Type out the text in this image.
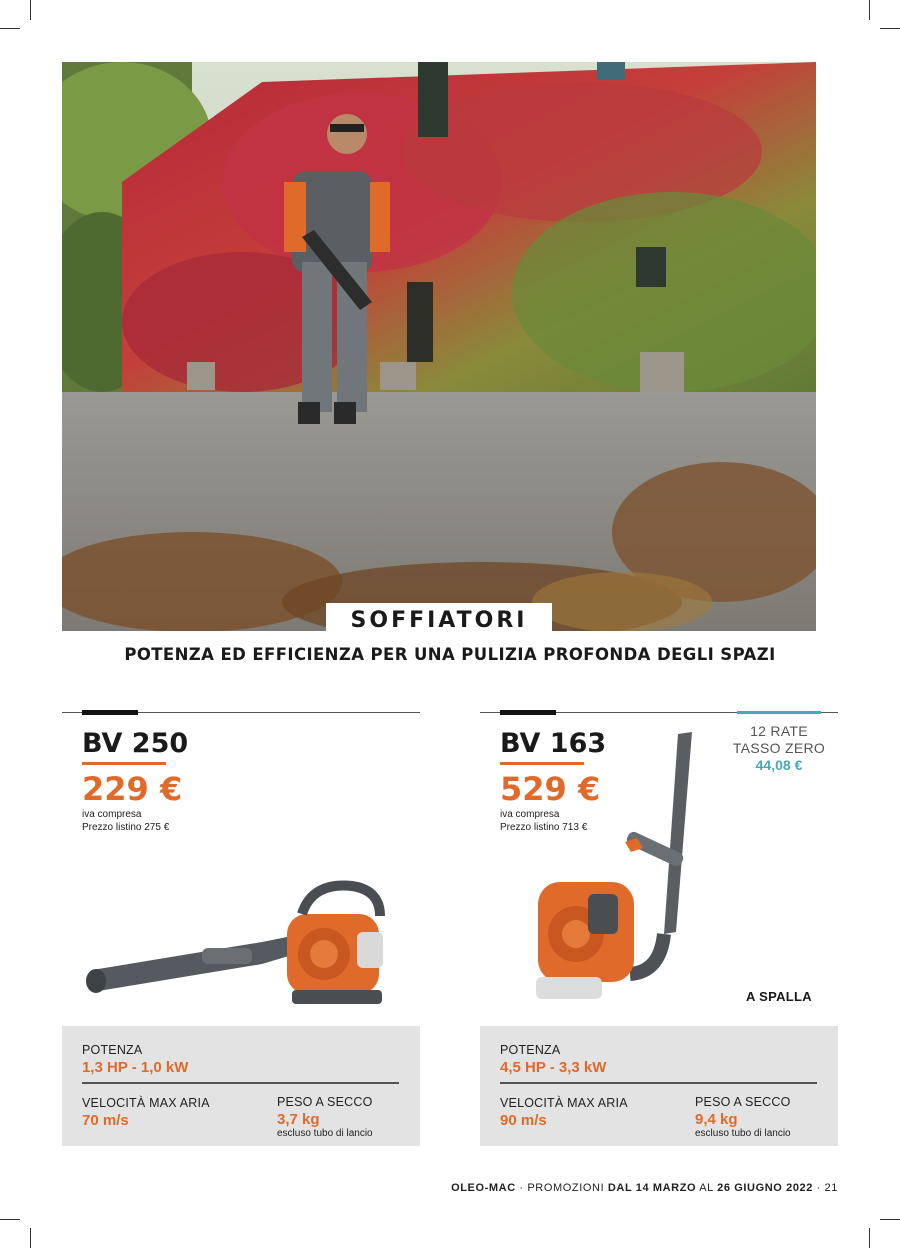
SOFFIATORI
POTENZA ED EFFICIENZA PER UNA PULIZIA PROFONDA DEGLI SPAZI
BV 250
229 €
iva compresa
Prezzo listino 275 €
POTENZA
1,3 HP - 1,0 kW
VELOCITÀ MAX ARIA
70 m/s
PESO A SECCO
3,7 kg
escluso tubo di lancio
BV 163
529 €
iva compresa
Prezzo listino 713 €
POTENZA
4,5 HP - 3,3 kW
VELOCITÀ MAX ARIA
90 m/s
PESO A SECCO
9,4 kg
escluso tubo di lancio
12 RATE
TASSO ZERO
44,08 €
A SPALLA
OLEO-MAC · PROMOZIONI DAL 14 MARZO AL 26 GIUGNO 2022 · 21
